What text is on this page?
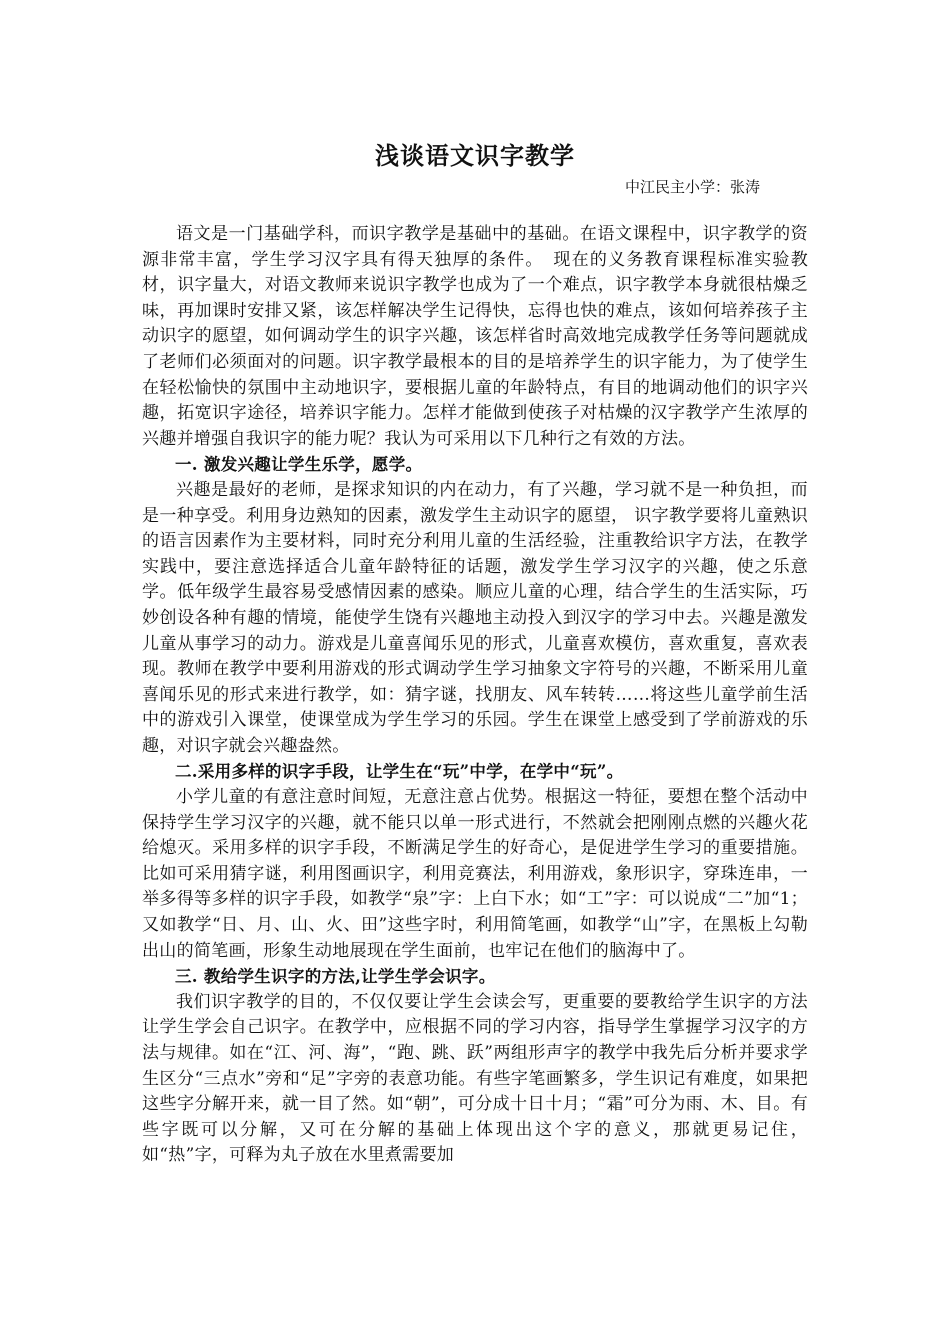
浅谈语文识字教学

中江民主小学：张涛

语文是一门基础学科，而识字教学是基础中的基础。在语文课程中，识字教学的资源非常丰富，学生学习汉字具有得天独厚的条件。　现在的义务教育课程标准实验教材，识字量大，对语文教师来说识字教学也成为了一个难点，识字教学本身就很枯燥乏味，再加课时安排又紧，该怎样解决学生记得快，忘得也快的难点，该如何培养孩子主动识字的愿望，如何调动学生的识字兴趣，该怎样省时高效地完成教学任务等问题就成了老师们必须面对的问题。识字教学最根本的目的是培养学生的识字能力，为了使学生在轻松愉快的氛围中主动地识字，要根据儿童的年龄特点，有目的地调动他们的识字兴趣，拓宽识字途径，培养识字能力。怎样才能做到使孩子对枯燥的汉字教学产生浓厚的兴趣并增强自我识字的能力呢？我认为可采用以下几种行之有效的方法。

一. 激发兴趣让学生乐学，愿学。

兴趣是最好的老师，是探求知识的内在动力，有了兴趣，学习就不是一种负担，而是一种享受。利用身边熟知的因素，激发学生主动识字的愿望， 识字教学要将儿童熟识的语言因素作为主要材料，同时充分利用儿童的生活经验，注重教给识字方法，在教学实践中，要注意选择适合儿童年龄特征的话题，激发学生学习汉字的兴趣，使之乐意学。低年级学生最容易受感情因素的感染。顺应儿童的心理，结合学生的生活实际，巧妙创设各种有趣的情境，能使学生饶有兴趣地主动投入到汉字的学习中去。兴趣是激发儿童从事学习的动力。游戏是儿童喜闻乐见的形式，儿童喜欢模仿，喜欢重复，喜欢表现。教师在教学中要利用游戏的形式调动学生学习抽象文字符号的兴趣，不断采用儿童喜闻乐见的形式来进行教学，如：猜字谜，找朋友、风车转转……将这些儿童学前生活中的游戏引入课堂，使课堂成为学生学习的乐园。学生在课堂上感受到了学前游戏的乐趣，对识字就会兴趣盎然。

二.采用多样的识字手段，让学生在“玩”中学，在学中“玩”。

小学儿童的有意注意时间短，无意注意占优势。根据这一特征，要想在整个活动中保持学生学习汉字的兴趣，就不能只以单一形式进行，不然就会把刚刚点燃的兴趣火花给熄灭。采用多样的识字手段，不断满足学生的好奇心，是促进学生学习的重要措施。比如可采用猜字谜，利用图画识字，利用竞赛法，利用游戏，象形识字，穿珠连串，一举多得等多样的识字手段，如教学“泉”字：上白下水；如“工”字：可以说成“二”加“1；又如教学“日、月、山、火、田”这些字时，利用简笔画，如教学“山”字，在黑板上勾勒出山的简笔画，形象生动地展现在学生面前，也牢记在他们的脑海中了。

三. 教给学生识字的方法,让学生学会识字。

我们识字教学的目的，不仅仅要让学生会读会写，更重要的要教给学生识字的方法让学生学会自己识字。在教学中，应根据不同的学习内容，指导学生掌握学习汉字的方法与规律。如在“江、河、海”，“跑、跳、跃”两组形声字的教学中我先后分析并要求学生区分“三点水”旁和“足”字旁的表意功能。有些字笔画繁多，学生识记有难度，如果把这些字分解开来，就一目了然。如“朝”，可分成十日十月；“霜”可分为雨、木、目。有些字既可以分解，又可在分解的基础上体现出这个字的意义，那就更易记住，如“热”字，可释为丸子放在水里煮需要加
